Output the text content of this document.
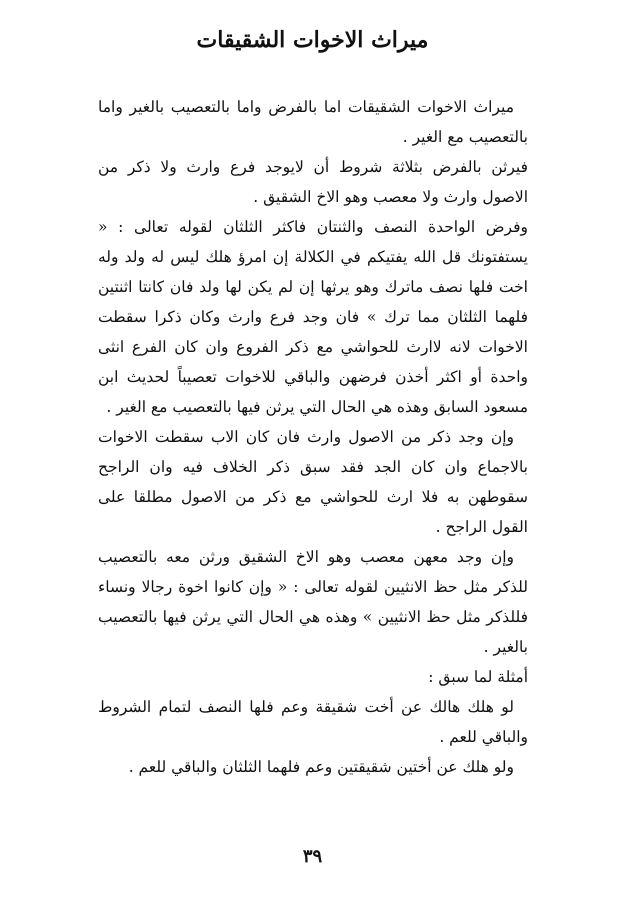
ميراث الاخوات الشقيقات

ميراث الاخوات الشقيقات اما بالفرض واما بالتعصيب بالغير واما بالتعصيب مع الغير .

فيرثن بالفرض بثلاثة شروط أن لايوجد فرع وارث ولا ذكر من الاصول وارث ولا معصب وهو الاخ الشقيق .

وفرض الواحدة النصف والثنتان فاكثر الثلثان لقوله تعالى : « يستفتونك قل الله يفتيكم في الكلالة إن امرؤ هلك ليس له ولد وله اخت فلها نصف ماترك وهو يرثها إن لم يكن لها ولد فان كانتا اثنتين فلهما الثلثان مما ترك » فان وجد فرع وارث وكان ذكرا سقطت الاخوات لانه لاارث للحواشي مع ذكر الفروع وان كان الفرع انثى واحدة أو اكثر أخذن فرضهن والباقي للاخوات تعصيباً لحديث ابن مسعود السابق وهذه هي الحال التي يرثن فيها بالتعصيب مع الغير .

وإن وجد ذكر من الاصول وارث فان كان الاب سقطت الاخوات بالاجماع وان كان الجد فقد سبق ذكر الخلاف فيه وان الراجح سقوطهن به فلا ارث للحواشي مع ذكر من الاصول مطلقا على القول الراجح .

وإن وجد معهن معصب وهو الاخ الشقيق ورثن معه بالتعصيب للذكر مثل حظ الانثيين لقوله تعالى : « وإن كانوا اخوة رجالا ونساء فللذكر مثل حظ الانثيين » وهذه هي الحال التي يرثن فيها بالتعصيب بالغير .

أمثلة لما سبق :

لو هلك هالك عن أخت شقيقة وعم فلها النصف لتمام الشروط والباقي للعم .

ولو هلك عن أختين شقيقتين وعم فلهما الثلثان والباقي للعم .

٣٩
